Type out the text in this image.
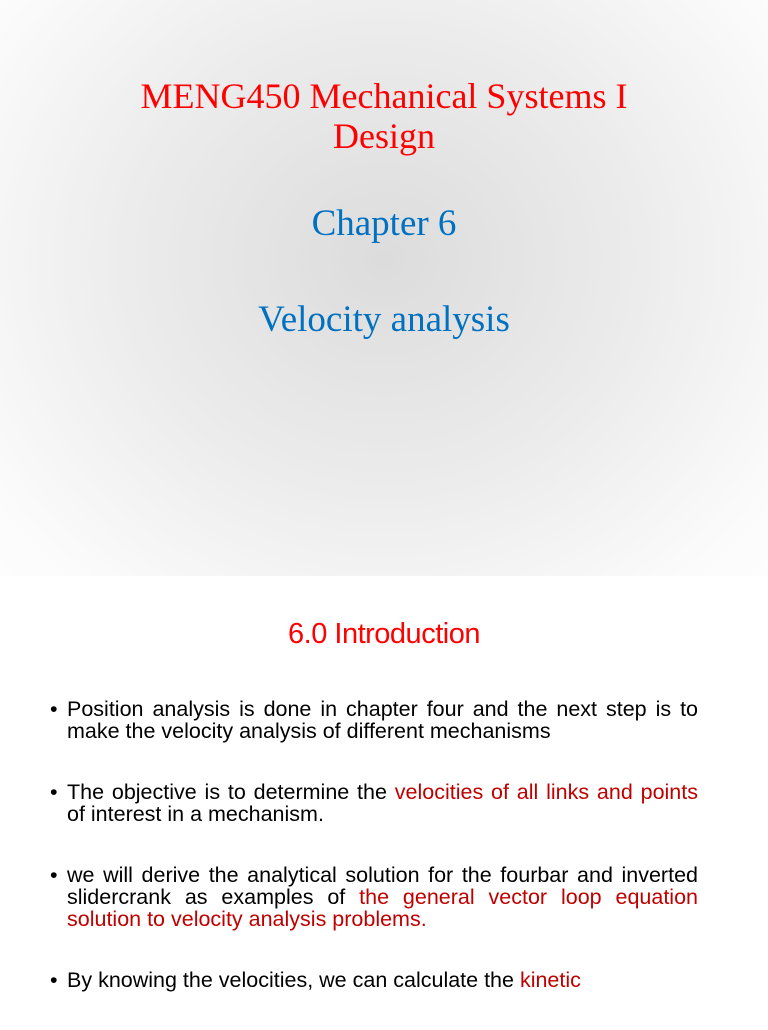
MENG450 Mechanical Systems I
Design
Chapter 6
Velocity analysis
6.0 Introduction
• Position analysis is done in chapter four and the next step is to make the velocity analysis of different mechanisms
• The objective is to determine the velocities of all links and points of interest in a mechanism.
• we will derive the analytical solution for the fourbar and inverted slidercrank as examples of the general vector loop equation solution to velocity analysis problems.
• By knowing the velocities, we can calculate the kinetic
